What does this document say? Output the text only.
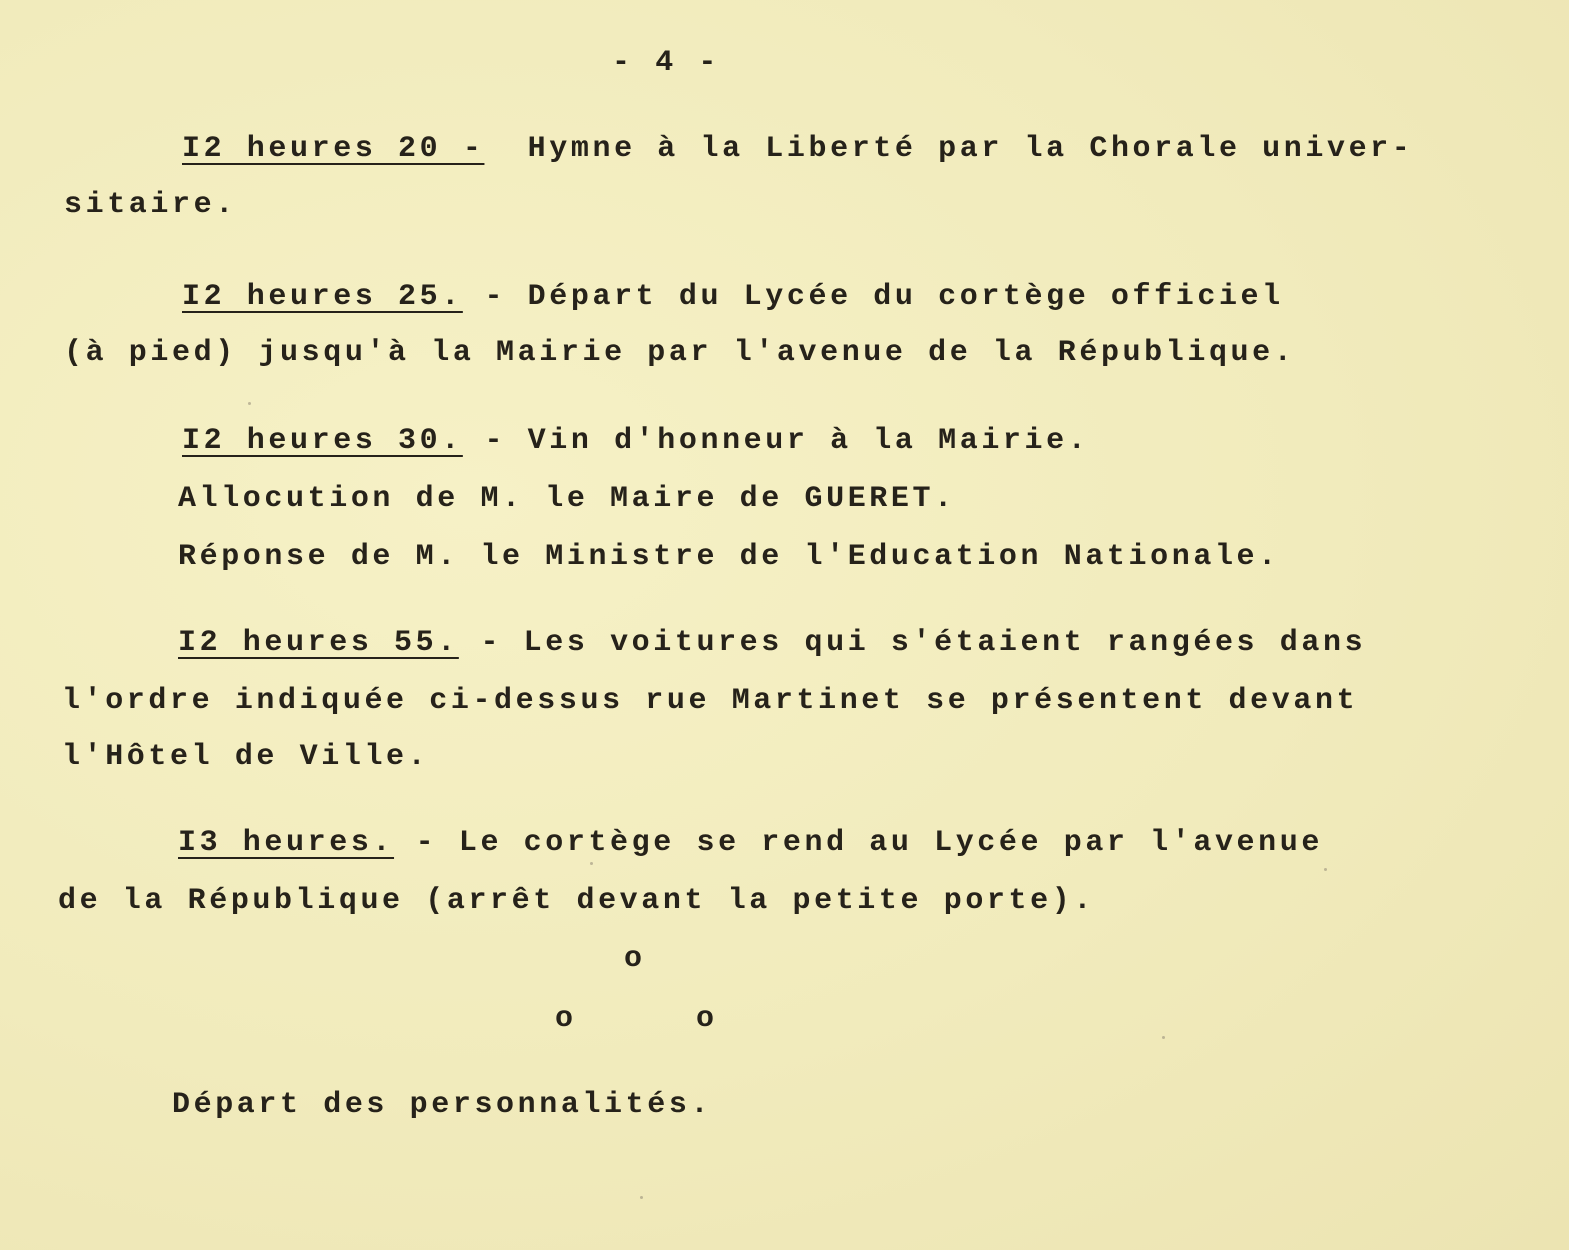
- 4 -
I2 heures 20 -  Hymne à la Liberté par la Chorale univer-
sitaire.
I2 heures 25. - Départ du Lycée du cortège officiel
(à pied) jusqu'à la Mairie par l'avenue de la République.
I2 heures 30. - Vin d'honneur à la Mairie.
Allocution de M. le Maire de GUERET.
Réponse de M. le Ministre de l'Education Nationale.
I2 heures 55. - Les voitures qui s'étaient rangées dans
l'ordre indiquée ci-dessus rue Martinet se présentent devant
l'Hôtel de Ville.
I3 heures. - Le cortège se rend au Lycée par l'avenue
de la République (arrêt devant la petite porte).
o
o	o
Départ des personnalités.
